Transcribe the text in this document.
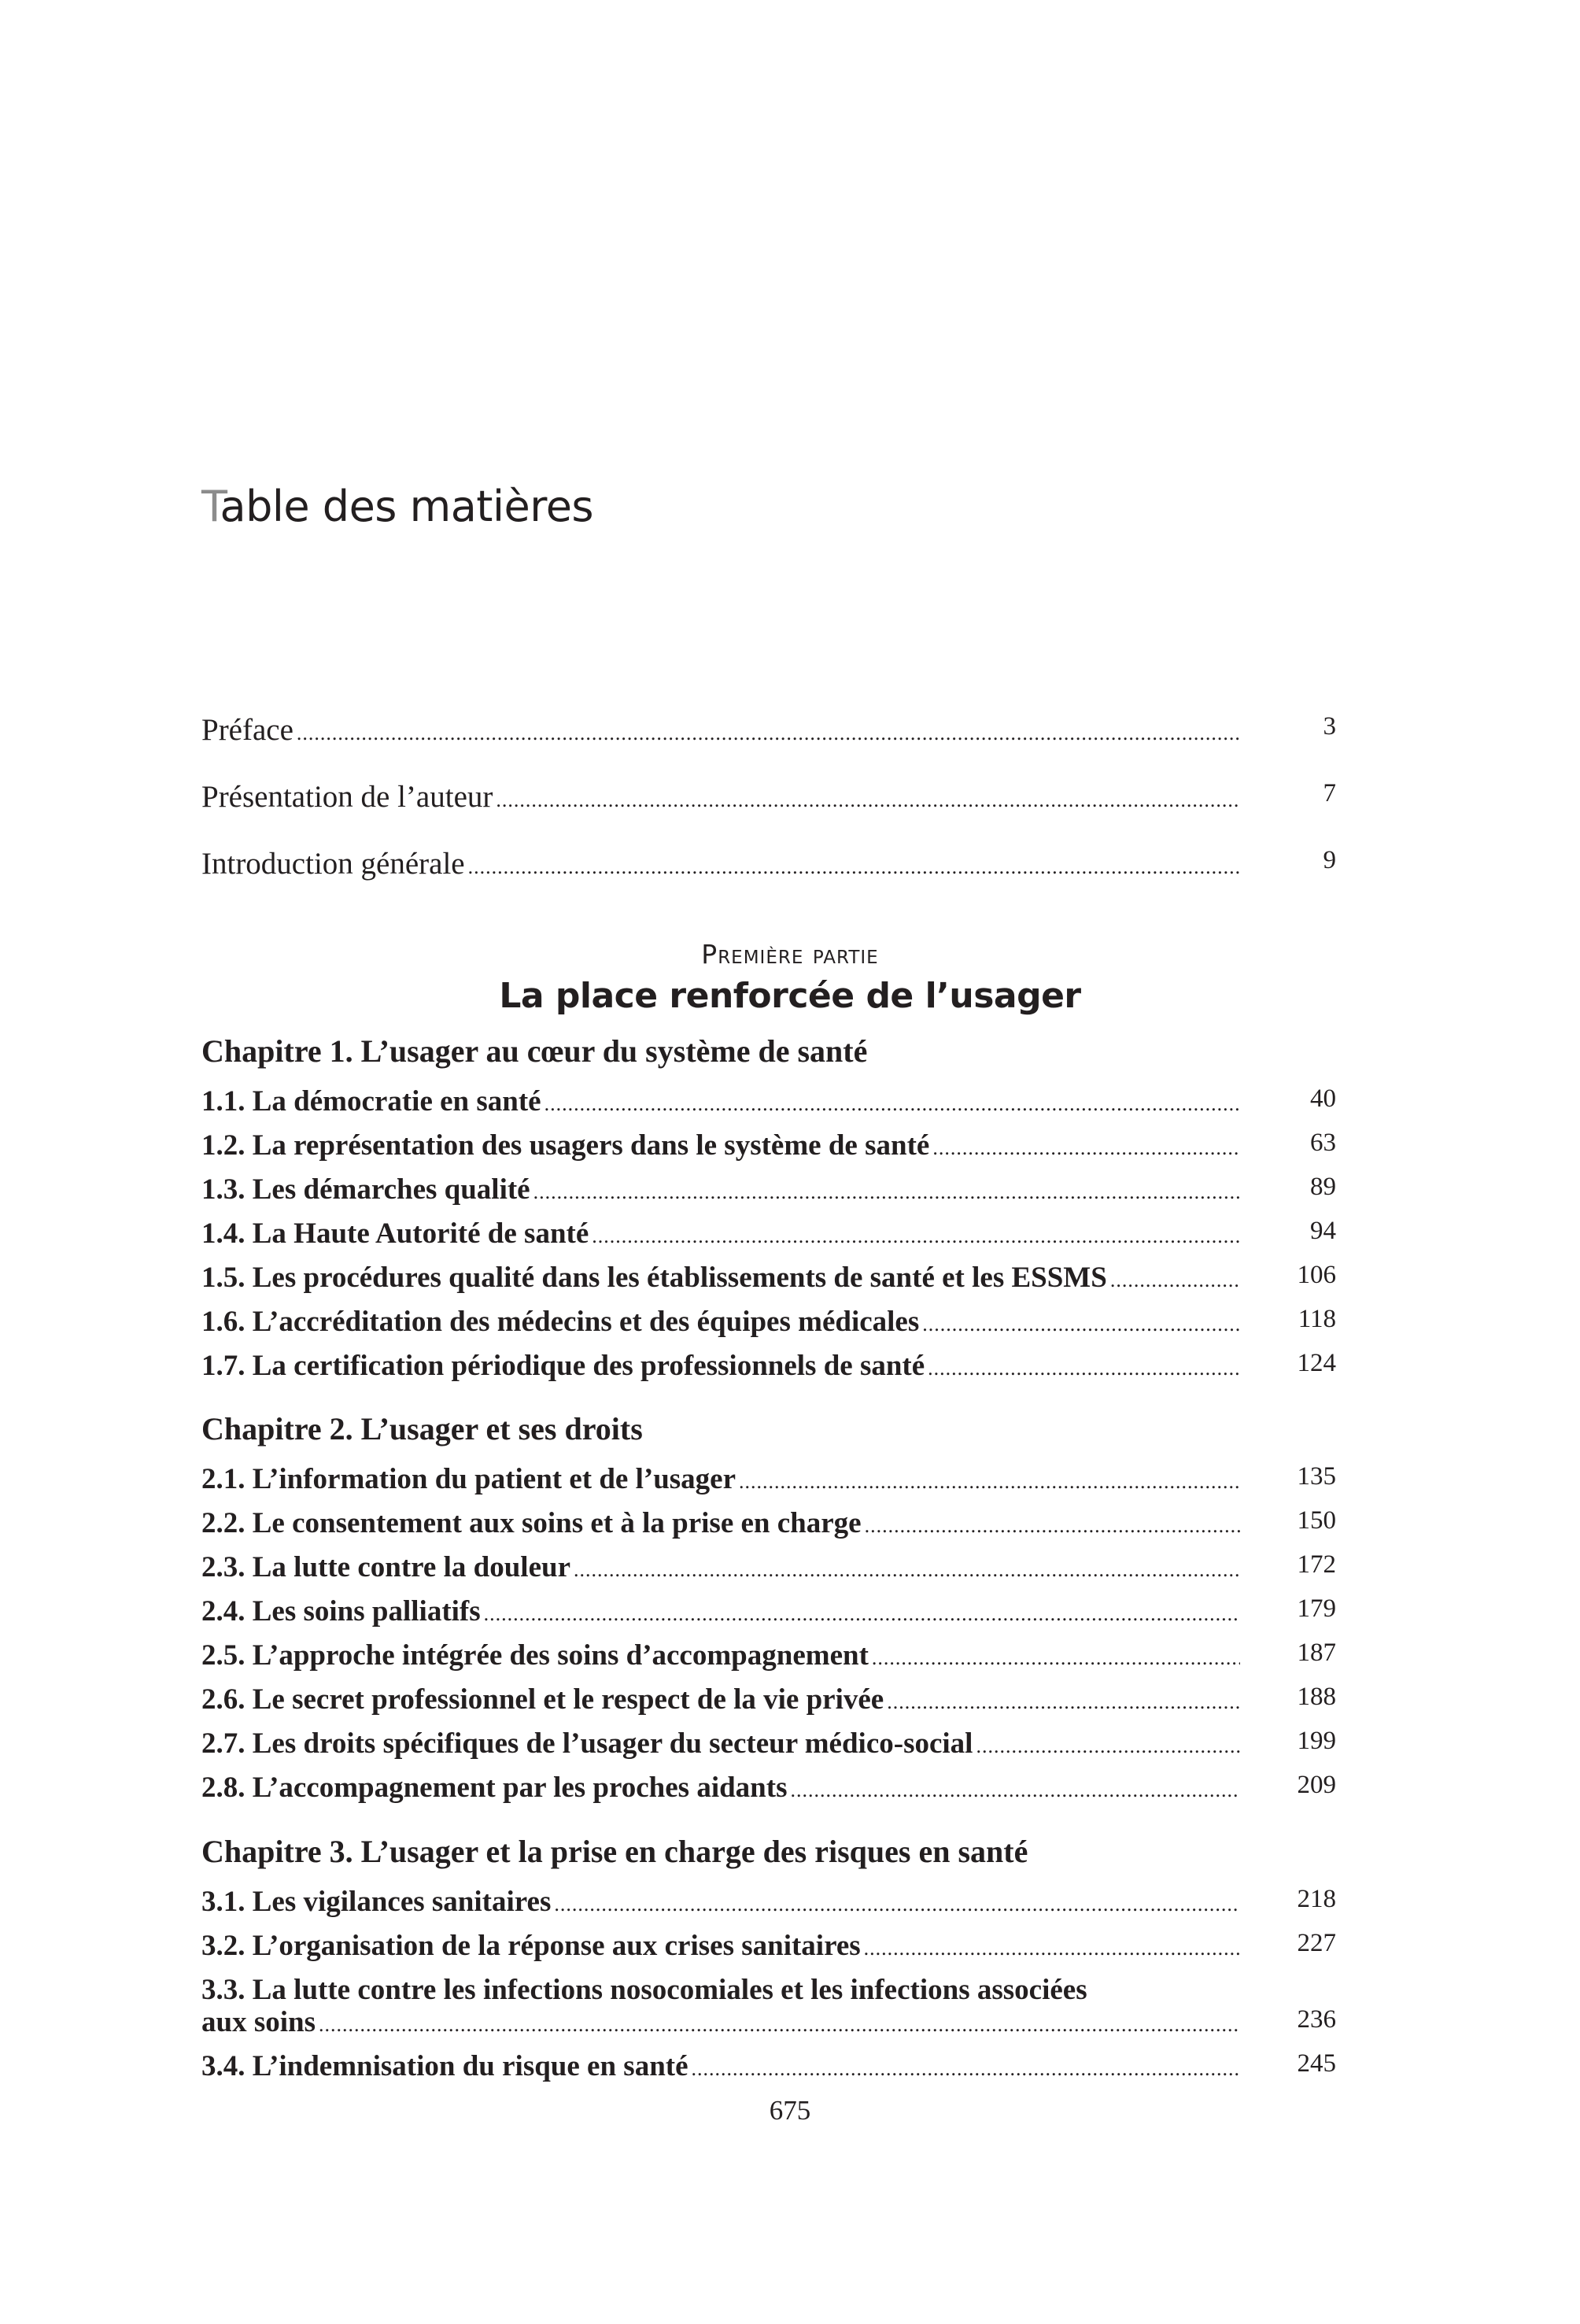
Table des matières
Préface .....	3
Présentation de l’auteur .....	7
Introduction générale .....	9

Première partie

La place renforcée de l’usager
Chapitre 1. L’usager au cœur du système de santé
1.1. La démocratie en santé .....	40
1.2. La représentation des usagers dans le système de santé .....	63
1.3. Les démarches qualité .....	89
1.4. La Haute Autorité de santé .....	94
1.5. Les procédures qualité dans les établissements de santé et les ESSMS .....	106
1.6. L’accréditation des médecins et des équipes médicales .....	118
1.7. La certification périodique des professionnels de santé .....	124
Chapitre 2. L’usager et ses droits
2.1. L’information du patient et de l’usager .....	135
2.2. Le consentement aux soins et à la prise en charge .....	150
2.3. La lutte contre la douleur .....	172
2.4. Les soins palliatifs .....	179
2.5. L’approche intégrée des soins d’accompagnement .....	187
2.6. Le secret professionnel et le respect de la vie privée .....	188
2.7. Les droits spécifiques de l’usager du secteur médico-social .....	199
2.8. L’accompagnement par les proches aidants .....	209
Chapitre 3. L’usager et la prise en charge des risques en santé
3.1. Les vigilances sanitaires .....	218
3.2. L’organisation de la réponse aux crises sanitaires .....	227
3.3. La lutte contre les infections nosocomiales et les infections associées
aux soins .....	236
3.4. L’indemnisation du risque en santé .....	245
675
